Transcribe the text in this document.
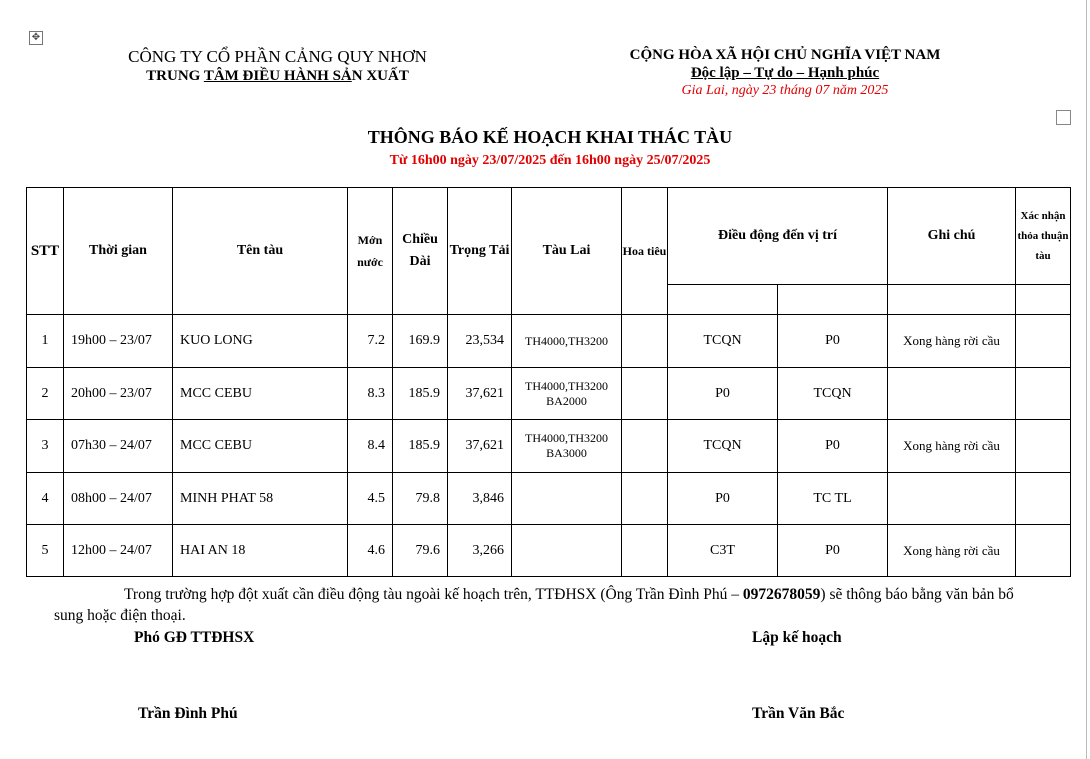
✥
CÔNG TY CỔ PHẦN CẢNG QUY NHƠN
TRUNG TÂM ĐIỀU HÀNH SẢN XUẤT
CỘNG HÒA XÃ HỘI CHỦ NGHĨA VIỆT NAM
Độc lập – Tự do – Hạnh phúc
Gia Lai, ngày 23 tháng 07 năm 2025
THÔNG BÁO KẾ HOẠCH KHAI THÁC TÀU
Từ 16h00 ngày 23/07/2025 đến 16h00 ngày 25/07/2025
STT	Thời gian	Tên tàu	Mớn nước	Chiều Dài	Trọng Tải	Tàu Lai	Hoa tiêu	Điều động đến vị trí		Ghi chú	Xác nhận thỏa thuận tàu

1	19h00 – 23/07	KUO LONG	7.2	169.9	23,534	TH4000,TH3200		TCQN	P0	Xong hàng rời cầu	
2	20h00 – 23/07	MCC CEBU	8.3	185.9	37,621	TH4000,TH3200
BA2000		P0	TCQN		
3	07h30 – 24/07	MCC CEBU	8.4	185.9	37,621	TH4000,TH3200
BA3000		TCQN	P0	Xong hàng rời cầu	
4	08h00 – 24/07	MINH PHAT 58	4.5	79.8	3,846			P0	TC TL		
5	12h00 – 24/07	HAI AN 18	4.6	79.6	3,266			C3T	P0	Xong hàng rời cầu	
Trong trường hợp đột xuất cần điều động tàu ngoài kế hoạch trên, TTĐHSX (Ông Trần Đình Phú – 0972678059) sẽ thông báo bằng văn bản bổ sung hoặc điện thoại.
Phó GĐ TTĐHSX
Trần Đình Phú
Lập kế hoạch
Trần Văn Bắc
